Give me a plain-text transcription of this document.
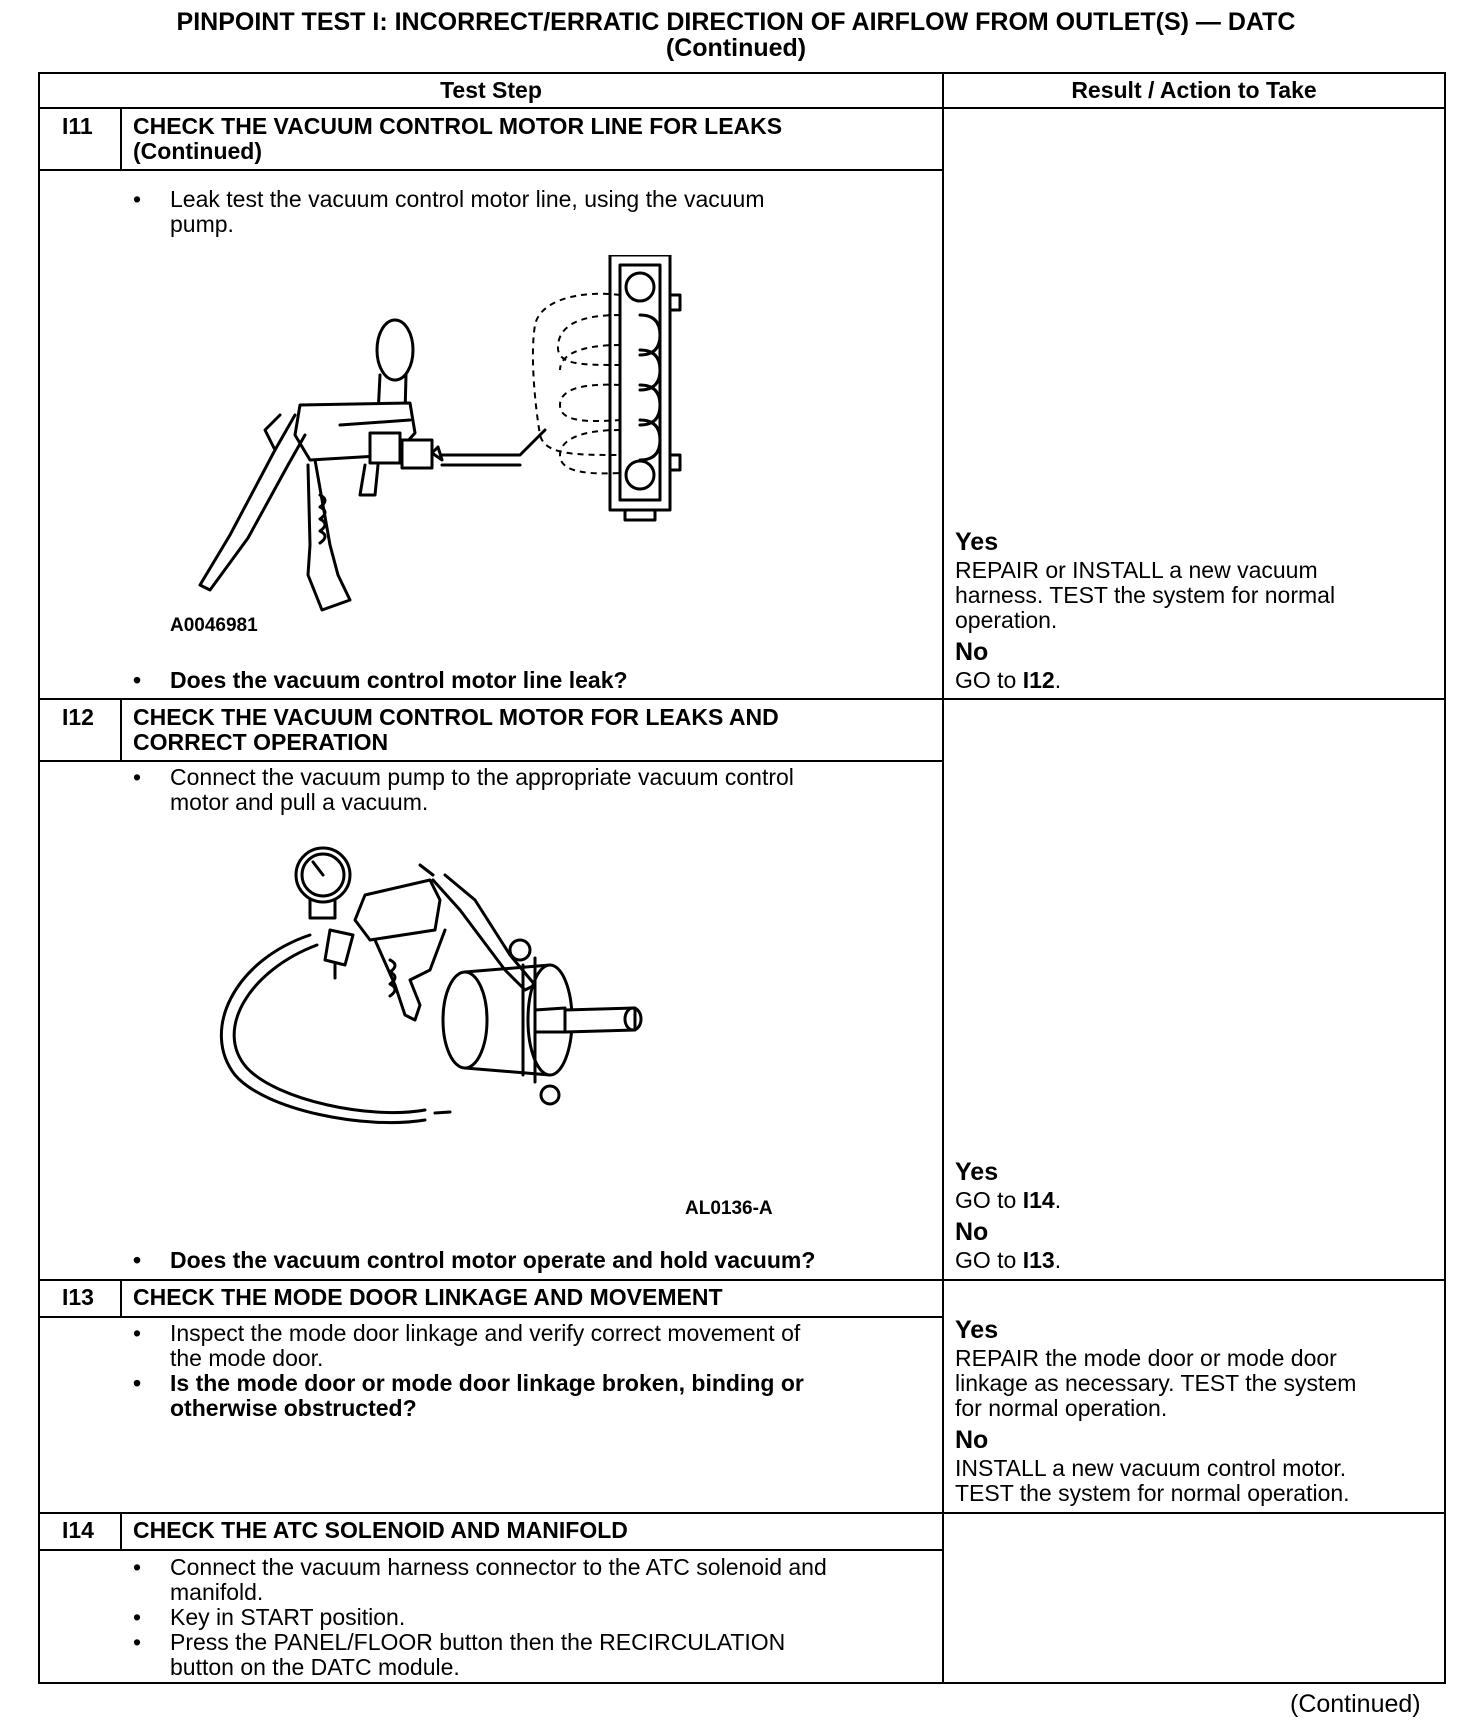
PINPOINT TEST I: INCORRECT/ERRATIC DIRECTION OF AIRFLOW FROM OUTLET(S) — DATC
(Continued)
Test Step	Result / Action to Take
I11 CHECK THE VACUUM CONTROL MOTOR LINE FOR LEAKS
(Continued)
• Leak test the vacuum control motor line, using the vacuum
pump.
A0046981
• Does the vacuum control motor line leak?
Yes
REPAIR or INSTALL a new vacuum
harness. TEST the system for normal
operation.
No
GO to I12.
I12 CHECK THE VACUUM CONTROL MOTOR FOR LEAKS AND
CORRECT OPERATION
• Connect the vacuum pump to the appropriate vacuum control
motor and pull a vacuum.
AL0136-A
• Does the vacuum control motor operate and hold vacuum?
Yes
GO to I14.
No
GO to I13.
I13 CHECK THE MODE DOOR LINKAGE AND MOVEMENT
• Inspect the mode door linkage and verify correct movement of
the mode door.
• Is the mode door or mode door linkage broken, binding or
otherwise obstructed?
Yes
REPAIR the mode door or mode door
linkage as necessary. TEST the system
for normal operation.
No
INSTALL a new vacuum control motor.
TEST the system for normal operation.
I14 CHECK THE ATC SOLENOID AND MANIFOLD
• Connect the vacuum harness connector to the ATC solenoid and
manifold.
• Key in START position.
• Press the PANEL/FLOOR button then the RECIRCULATION
button on the DATC module.
(Continued)
